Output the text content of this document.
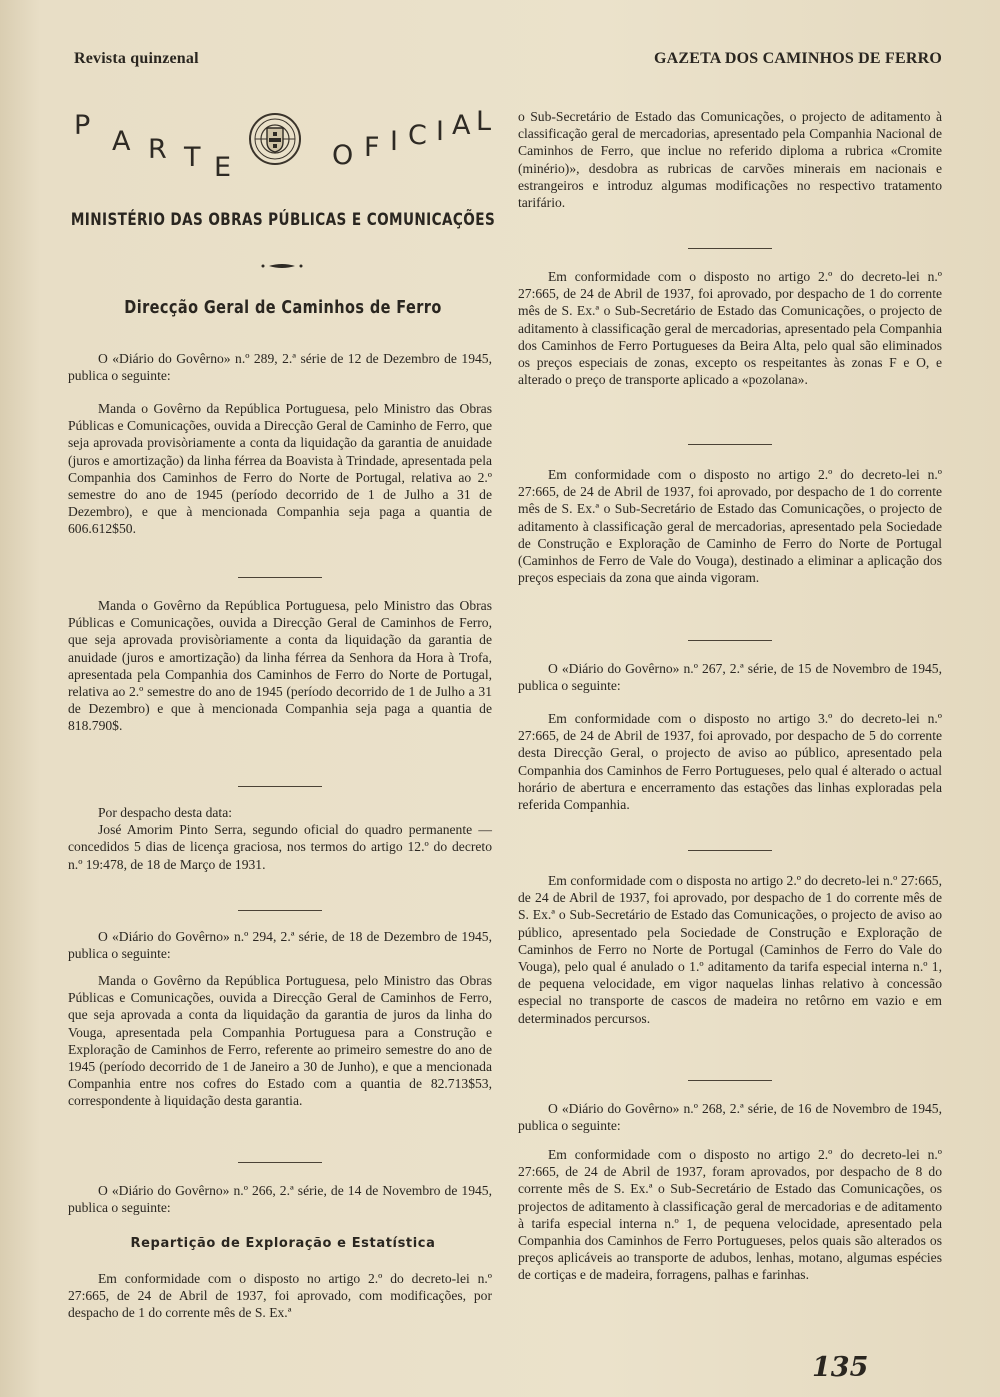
Revista quinzenal	GAZETA DOS CAMINHOS DE FERRO
P
A R T E	O F I C I A L
MINISTÉRIO DAS OBRAS PÚBLICAS E COMUNICAÇÕES
Direcção Geral de Caminhos de Ferro

O «Diário do Govêrno» n.º 289, 2.ª série de 12 de Dezembro de 1945, publica o seguinte:

Manda o Govêrno da República Portuguesa, pelo Ministro das Obras Públicas e Comunicações, ouvida a Direcção Geral de Caminho de Ferro, que seja aprovada provisòriamente a conta da liquidação da garantia de anuidade (juros e amortização) da linha férrea da Boavista à Trindade, apresentada pela Companhia dos Caminhos de Ferro do Norte de Portugal, relativa ao 2.º semestre do ano de 1945 (período decorrido de 1 de Julho a 31 de Dezembro), e que à mencionada Companhia seja paga a quantia de 606.612$50.

Manda o Govêrno da República Portuguesa, pelo Ministro das Obras Públicas e Comunicações, ouvida a Direcção Geral de Caminhos de Ferro, que seja aprovada provisòriamente a conta da liquidação da garantia de anuidade (juros e amortização) da linha férrea da Senhora da Hora à Trofa, apresentada pela Companhia dos Caminhos de Ferro do Norte de Portugal, relativa ao 2.º semestre do ano de 1945 (período decorrido de 1 de Julho a 31 de Dezembro) e que à mencionada Companhia seja paga a quantia de 818.790$.

Por despacho desta data:

José Amorim Pinto Serra, segundo oficial do quadro permanente — concedidos 5 dias de licença graciosa, nos termos do artigo 12.º do decreto n.º 19:478, de 18 de Março de 1931.

O «Diário do Govêrno» n.º 294, 2.ª série, de 18 de Dezembro de 1945, publica o seguinte:

Manda o Govêrno da República Portuguesa, pelo Ministro das Obras Públicas e Comunicações, ouvida a Direcção Geral de Caminhos de Ferro, que seja aprovada a conta da liquidação da garantia de juros da linha do Vouga, apresentada pela Companhia Portuguesa para a Construção e Exploração de Caminhos de Ferro, referente ao primeiro semestre do ano de 1945 (período decorrido de 1 de Janeiro a 30 de Junho), e que a mencionada Companhia entre nos cofres do Estado com a quantia de 82.713$53, correspondente à liquidação desta garantia.

O «Diário do Govêrno» n.º 266, 2.ª série, de 14 de Novembro de 1945, publica o seguinte:

Em conformidade com o disposto no artigo 2.º do decreto-lei n.º 27:665, de 24 de Abril de 1937, foi aprovado, com modificações, por despacho de 1 do corrente mês de S. Ex.ª

Repartição de Exploração e Estatística

o Sub-Secretário de Estado das Comunicações, o projecto de aditamento à classificação geral de mercadorias, apresentado pela Companhia Nacional de Caminhos de Ferro, que inclue no referido diploma a rubrica «Cromite (minério)», desdobra as rubricas de carvões minerais em nacionais e estrangeiros e introduz algumas modificações no respectivo tratamento tarifário.

Em conformidade com o disposto no artigo 2.º do decreto-lei n.º 27:665, de 24 de Abril de 1937, foi aprovado, por despacho de 1 do corrente mês de S. Ex.ª o Sub-Secretário de Estado das Comunicações, o projecto de aditamento à classificação geral de mercadorias, apresentado pela Companhia dos Caminhos de Ferro Portugueses da Beira Alta, pelo qual são eliminados os preços especiais de zonas, excepto os respeitantes às zonas F e O, e alterado o preço de transporte aplicado a «pozolana».

Em conformidade com o disposto no artigo 2.º do decreto-lei n.º 27:665, de 24 de Abril de 1937, foi aprovado, por despacho de 1 do corrente mês de S. Ex.ª o Sub-Secretário de Estado das Comunicações, o projecto de aditamento à classificação geral de mercadorias, apresentado pela Sociedade de Construção e Exploração de Caminho de Ferro do Norte de Portugal (Caminhos de Ferro de Vale do Vouga), destinado a eliminar a aplicação dos preços especiais da zona que ainda vigoram.

O «Diário do Govêrno» n.º 267, 2.ª série, de 15 de Novembro de 1945, publica o seguinte:

Em conformidade com o disposto no artigo 3.º do decreto-lei n.º 27:665, de 24 de Abril de 1937, foi aprovado, por despacho de 5 do corrente desta Direcção Geral, o projecto de aviso ao público, apresentado pela Companhia dos Caminhos de Ferro Portugueses, pelo qual é alterado o actual horário de abertura e encerramento das estações das linhas exploradas pela referida Companhia.

Em conformidade com o disposta no artigo 2.º do decreto-lei n.º 27:665, de 24 de Abril de 1937, foi aprovado, por despacho de 1 do corrente mês de S. Ex.ª o Sub-Secretário de Estado das Comunicações, o projecto de aviso ao público, apresentado pela Sociedade de Construção e Exploração de Caminhos de Ferro no Norte de Portugal (Caminhos de Ferro do Vale do Vouga), pelo qual é anulado o 1.º aditamento da tarifa especial interna n.º 1, de pequena velocidade, em vigor naquelas linhas relativo à concessão especial no transporte de cascos de madeira no retôrno em vazio e em determinados percursos.

O «Diário do Govêrno» n.º 268, 2.ª série, de 16 de Novembro de 1945, publica o seguinte:

Em conformidade com o disposto no artigo 2.º do decreto-lei n.º 27:665, de 24 de Abril de 1937, foram aprovados, por despacho de 8 do corrente mês de S. Ex.ª o Sub-Secretário de Estado das Comunicações, os projectos de aditamento à classificação geral de mercadorias e de aditamento à tarifa especial interna n.º 1, de pequena velocidade, apresentado pela Companhia dos Caminhos de Ferro Portugueses, pelos quais são alterados os preços aplicáveis ao transporte de adubos, lenhas, motano, algumas espécies de cortiças e de madeira, forragens, palhas e farinhas.

135
